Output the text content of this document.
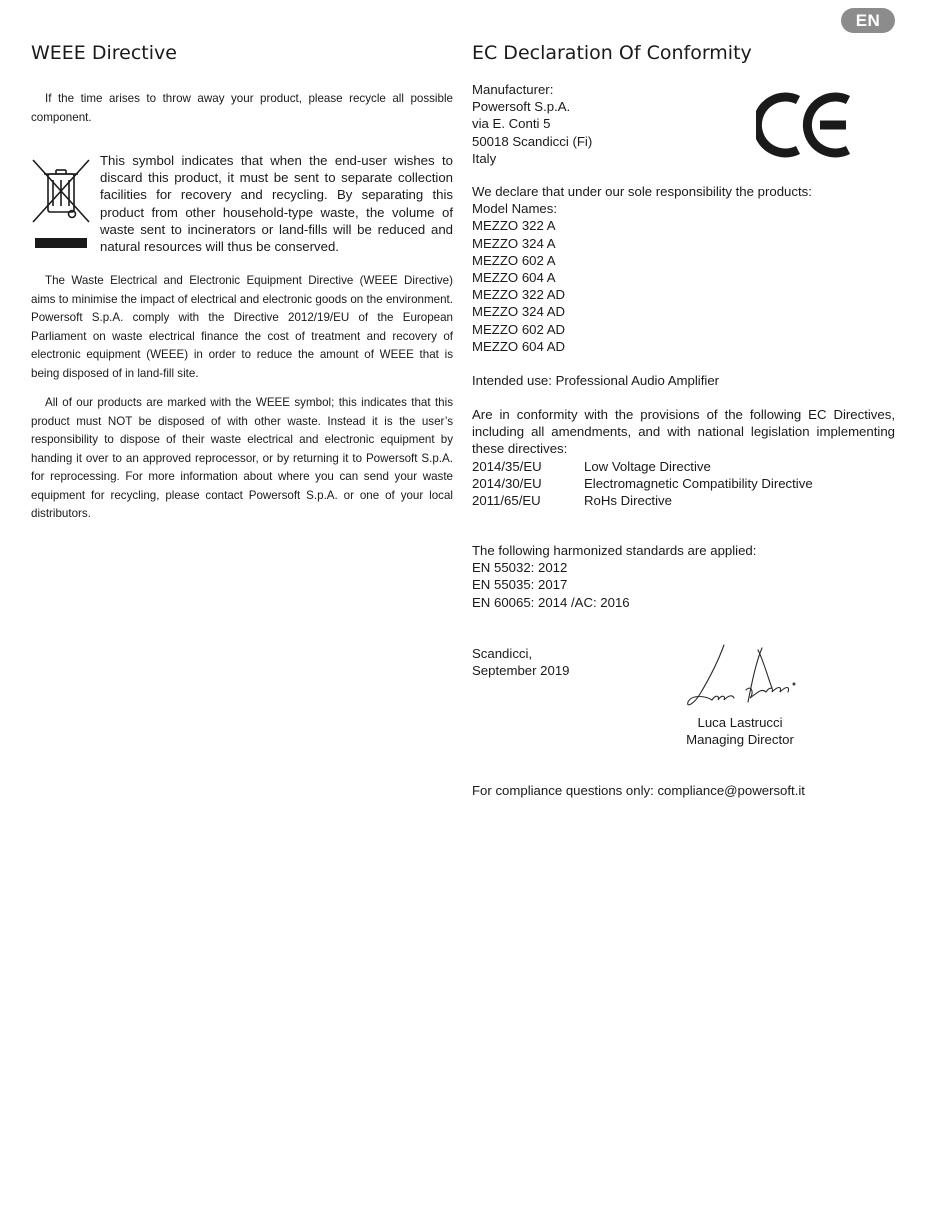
EN
WEEE Directive

If the time arises to throw away your product, please recycle all possible component.

This symbol indicates that when the end-user wishes to discard this product, it must be sent to separate collection facilities for recovery and recycling. By separating this product from other household-type waste, the volume of waste sent to incinerators or land-fills will be reduced and natural resources will thus be conserved.

The Waste Electrical and Electronic Equipment Directive (WEEE Directive) aims to minimise the impact of electrical and electronic goods on the environment. Powersoft S.p.A. comply with the Directive 2012/19/EU of the European Parliament on waste electrical finance the cost of treatment and recovery of electronic equipment (WEEE) in order to reduce the amount of WEEE that is being disposed of in land-fill site.

All of our products are marked with the WEEE symbol; this indicates that this product must NOT be disposed of with other waste. Instead it is the user’s responsibility to dispose of their waste electrical and electronic equipment by handing it over to an approved reprocessor, or by returning it to Powersoft S.p.A. for reprocessing. For more information about where you can send your waste equipment for recycling, please contact Powersoft S.p.A. or one of your local distributors.

EC Declaration Of Conformity
Manufacturer:
Powersoft S.p.A.
via E. Conti 5
50018 Scandicci (Fi)
Italy
We declare that under our sole responsibility the products:
Model Names:
MEZZO 322 A
MEZZO 324 A
MEZZO 602 A
MEZZO 604 A
MEZZO 322 AD
MEZZO 324 AD
MEZZO 602 AD
MEZZO 604 AD
Intended use: Professional Audio Amplifier

Are in conformity with the provisions of the following EC Directives, including all amendments, and with national legislation implementing these directives:

2014/35/EU	Low Voltage Directive
2014/30/EU	Electromagnetic Compatibility Directive
2011/65/EU	RoHs Directive
The following harmonized standards are applied:
EN 55032: 2012
EN 55035: 2017
EN 60065: 2014 /AC: 2016
Scandicci,
September 2019
Luca Lastrucci
Managing Director
For compliance questions only: compliance@powersoft.it
